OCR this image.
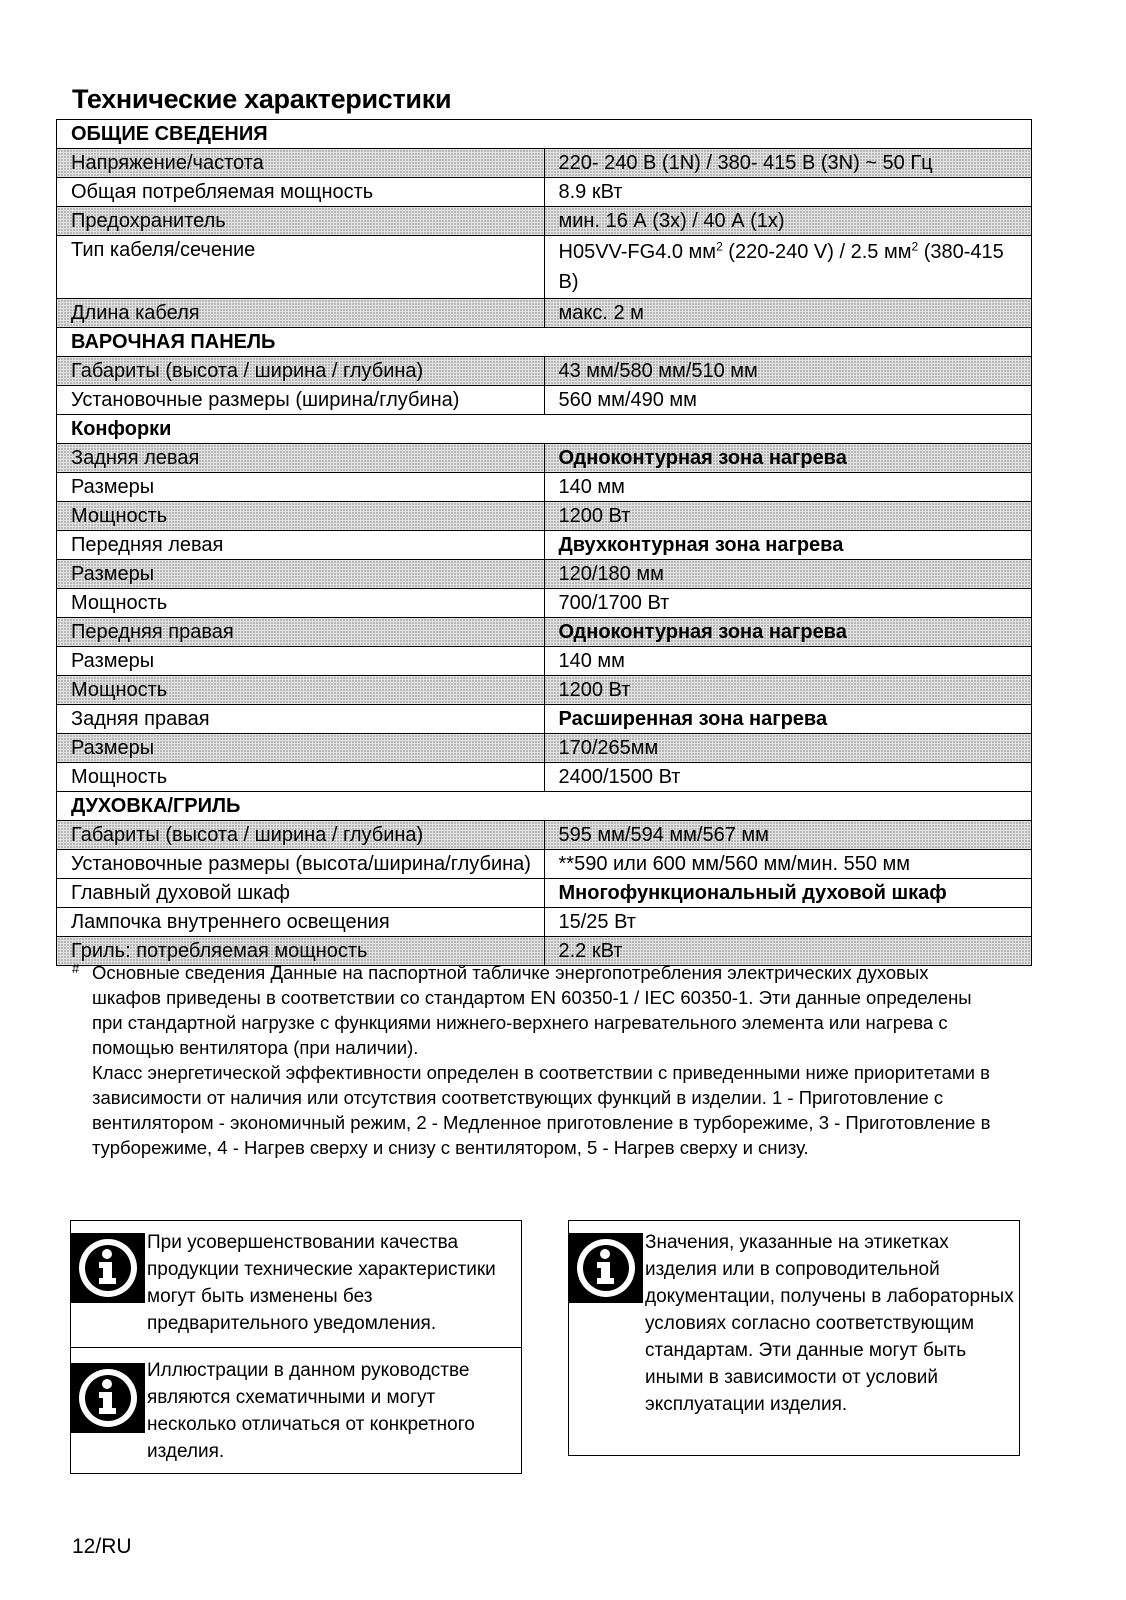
Технические характеристики
ОБЩИЕ СВЕДЕНИЯ	
Напряжение/частота	220- 240 В (1N) / 380- 415 В (3N) ~ 50 Гц
Общая потребляемая мощность	8.9 кВт
Предохранитель	мин. 16 А (3x) / 40 А (1x)
Тип кабеля/сечение	H05VV-FG4.0 $мм^2$ (220-240 V) / 2.5 $мм^2$ (380-415 В)
Длина кабеля	макс. 2 м
ВАРОЧНАЯ ПАНЕЛЬ	
Габариты (высота / ширина / глубина)	43 мм/580 мм/510 мм
Установочные размеры (ширина/глубина)	560 мм/490 мм
Конфорки	
Задняя левая	Одноконтурная зона нагрева
Размеры	140 мм
Мощность	1200 Вт
Передняя левая	Двухконтурная зона нагрева
Размеры	120/180 мм
Мощность	700/1700 Вт
Передняя правая	Одноконтурная зона нагрева
Размеры	140 мм
Мощность	1200 Вт
Задняя правая	Расширенная зона нагрева
Размеры	170/265мм
Мощность	2400/1500 Вт
ДУХОВКА/ГРИЛЬ	
Габариты (высота / ширина / глубина)	595 мм/594 мм/567 мм
Установочные размеры (высота/ширина/глубина)	**590 или 600 мм/560 мм/мин. 550 мм
Главный духовой шкаф	Многофункциональный духовой шкаф
Лампочка внутреннего освещения	15/25 Вт
Гриль: потребляемая мощность	2.2 кВт
# Основные сведения Данные на паспортной табличке энергопотребления электрических духовых шкафов приведены в соответствии со стандартом EN 60350-1 / IEC 60350-1. Эти данные определены при стандартной нагрузке с функциями нижнего-верхнего нагревательного элемента или нагрева с помощью вентилятора (при наличии).

Класс энергетической эффективности определен в соответствии с приведенными ниже приоритетами в зависимости от наличия или отсутствия соответствующих функций в изделии. 1 - Приготовление с вентилятором - экономичный режим, 2 - Медленное приготовление в турборежиме, 3 - Приготовление в турборежиме, 4 - Нагрев сверху и снизу с вентилятором, 5 - Нагрев сверху и снизу.

При усовершенствовании качества продукции технические характеристики могут быть изменены без предварительного уведомления.
Иллюстрации в данном руководстве являются схематичными и могут несколько отличаться от конкретного изделия.
Значения, указанные на этикетках изделия или в сопроводительной документации, получены в лабораторных условиях согласно соответствующим стандартам. Эти данные могут быть иными в зависимости от условий эксплуатации изделия.
12/RU
